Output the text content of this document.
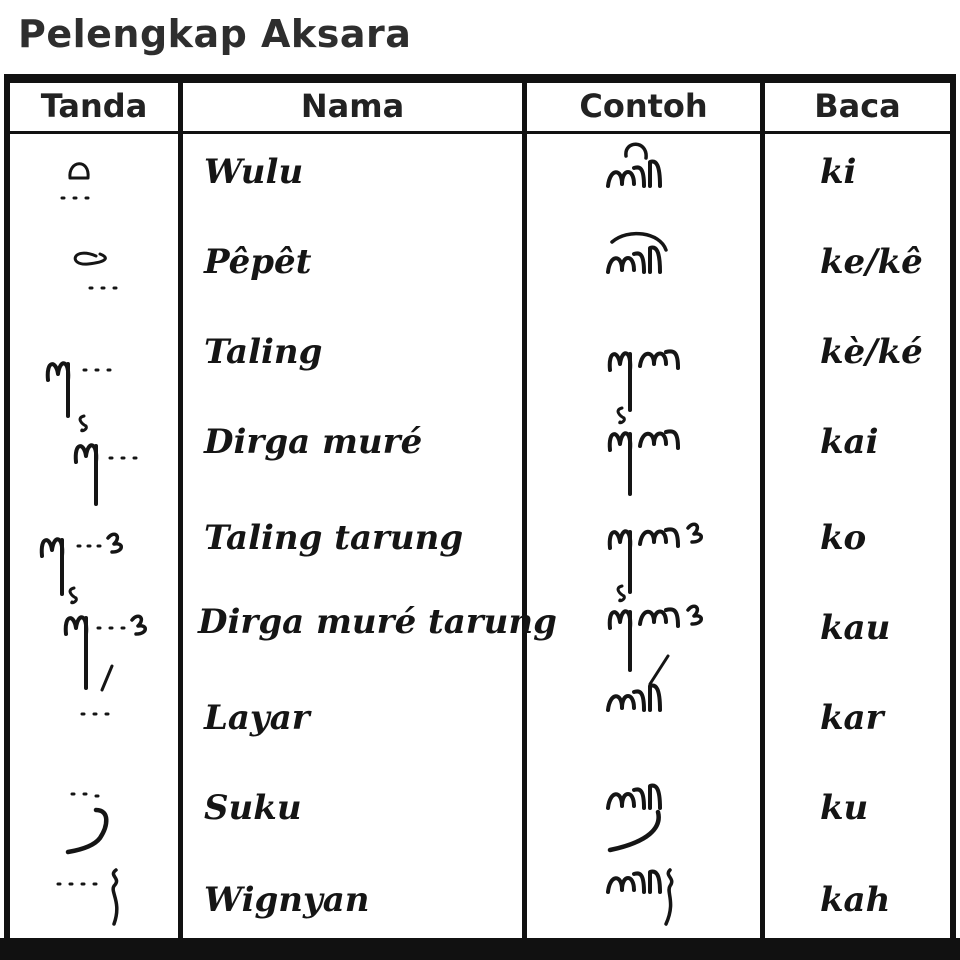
Pelengkap Aksara
Tanda	Nama	Contoh	Baca
Wulu	ki
Pêpêt	ke/kê
Taling	kè/ké
Dirga muré	kai
Taling tarung	ko
Dirga muré tarung	kau
Layar	kar
Suku	ku
Wignyan	kah
